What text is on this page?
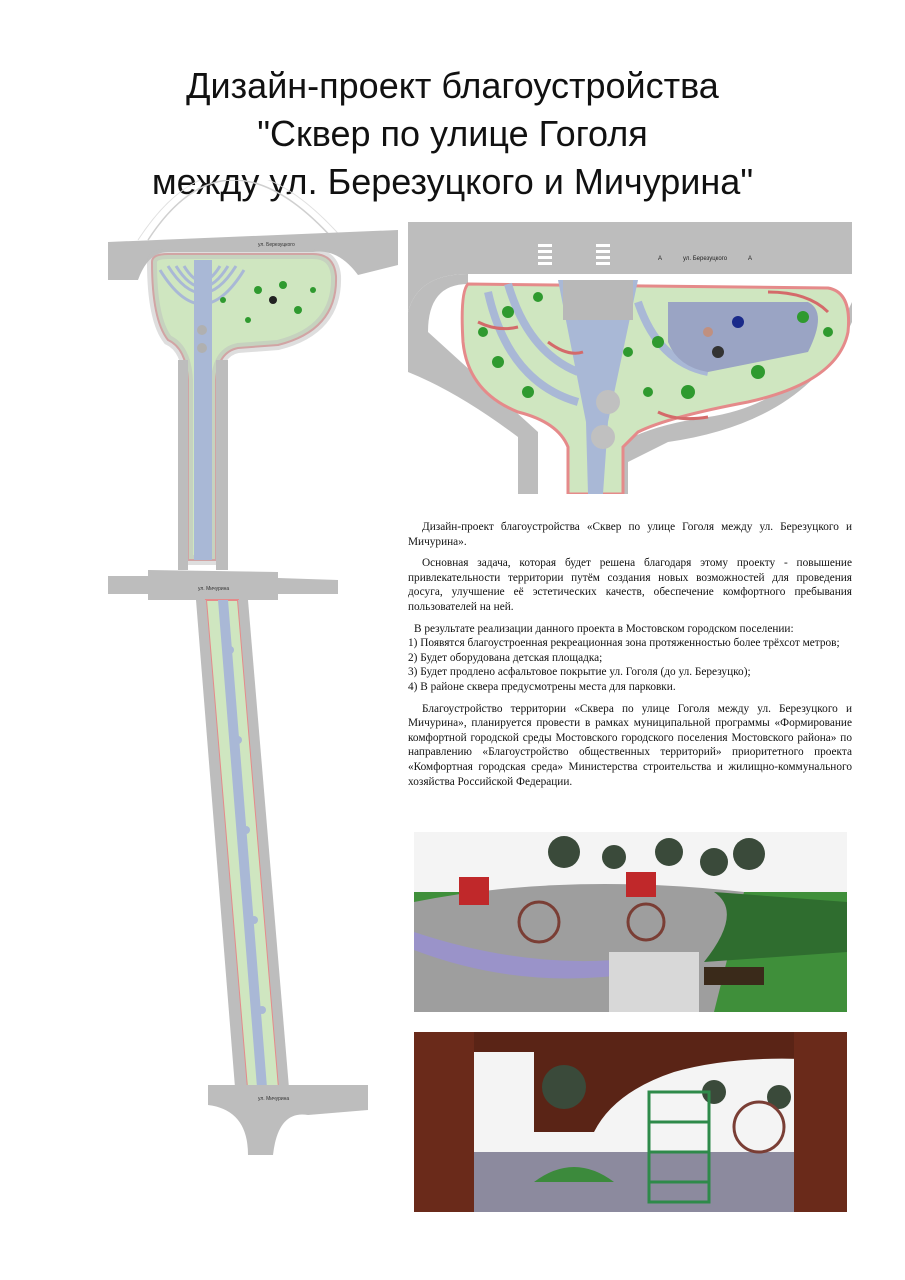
Дизайн-проект благоустройства
"Сквер по улице Гоголя
между ул. Березуцкого и Мичурина"
ул. Березуцкого
ул. Мичурина
ул. Мичурина
А	ул. Березуцкого	А

Дизайн-проект благоустройства «Сквер по улице Гоголя между ул. Березуцкого и Мичурина».

Основная задача, которая будет решена благодаря этому проекту - повышение привлекательности территории путём создания новых возможностей для проведения досуга, улучшение её эстетических качеств, обеспечение комфортного пребывания пользователей на ней.

В результате реализации данного проекта в Мостовском городском поселении:

1) Появятся благоустроенная рекреационная зона протяженностью более трёхсот метров;
2) Будет оборудована детская площадка;
3) Будет продлено асфальтовое покрытие ул. Гоголя (до ул. Березуцко);
4) В районе сквера предусмотрены места для парковки.

Благоустройство территории «Сквера по улице Гоголя между ул. Березуцкого и Мичурина», планируется провести в рамках муниципальной программы «Формирование комфортной городской среды Мостовского городского поселения Мостовского района» по направлению «Благоустройство общественных территорий» приоритетного проекта «Комфортная городская среда» Министерства строительства и жилищно-коммунального хозяйства Российской Федерации.
